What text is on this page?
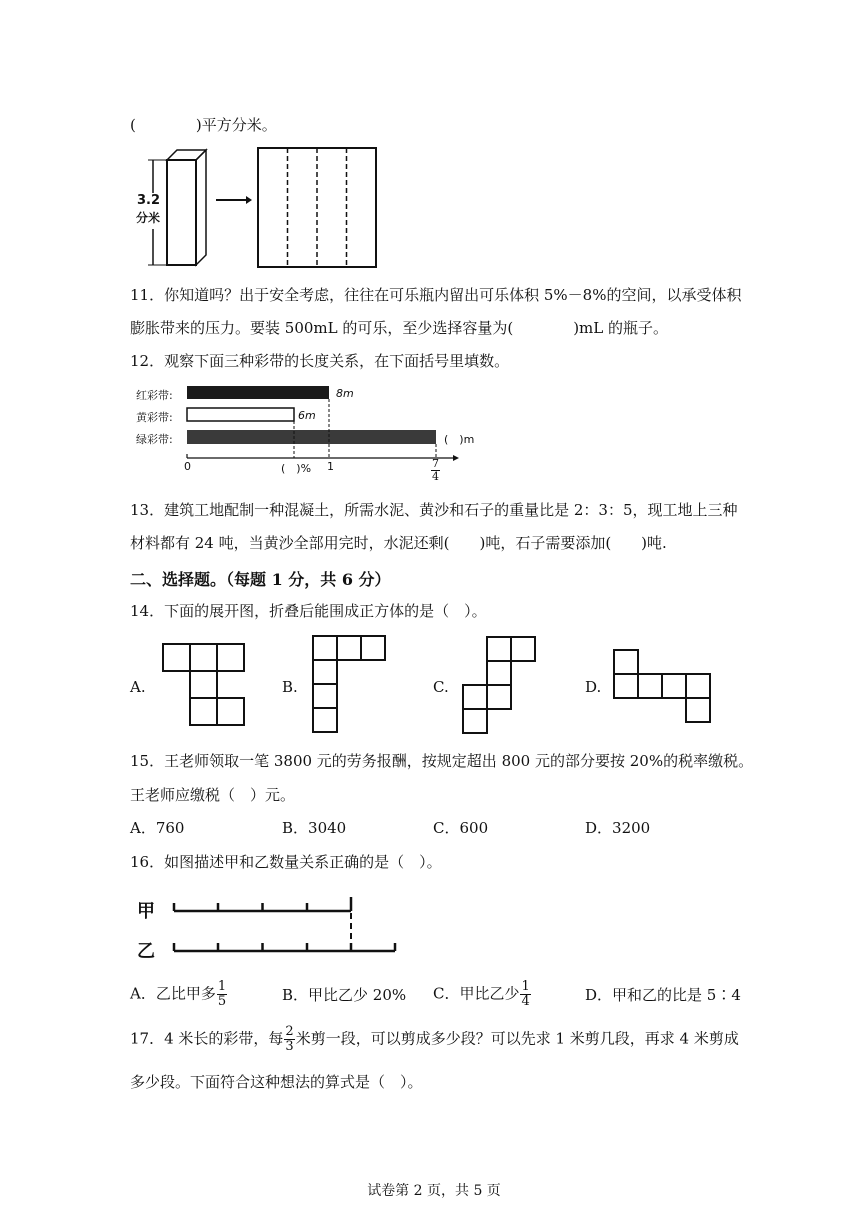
(　　　　)平方分米。
3.2
分米
11．你知道吗？出于安全考虑，往往在可乐瓶内留出可乐体积 5%－8%的空间，以承受体积
膨胀带来的压力。要装 500mL 的可乐，至少选择容量为(　　　　)mL 的瓶子。
12．观察下面三种彩带的长度关系，在下面括号里填数。
红彩带:
黄彩带:
绿彩带:
8m
6m
(　)m
0	(　)% 1	$\frac{7}{4}$
13．建筑工地配制一种混凝土，所需水泥、黄沙和石子的重量比是 2：3：5，现工地上三种
材料都有 24 吨，当黄沙全部用完时，水泥还剩(　　)吨，石子需要添加(　　)吨.
二、选择题。（每题 1 分，共 6 分）
14．下面的展开图，折叠后能围成正方体的是（　）。
A.	B.	C.	D.
15．王老师领取一笔 3800 元的劳务报酬，按规定超出 800 元的部分要按 20%的税率缴税。
王老师应缴税（　）元。
A．760	B．3040	C．600	D．3200
16．如图描述甲和乙数量关系正确的是（　）。
甲
乙
A．乙比甲多 $\frac{1}{5}$	B．甲比乙少 20% C．甲比乙少 $\frac{1}{4}$	D．甲和乙的比是 5∶4
17．4 米长的彩带，每 $\frac{2}{3}$ 米剪一段，可以剪成多少段？可以先求 1 米剪几段，再求 4 米剪成
多少段。下面符合这种想法的算式是（　）。
试卷第 2 页，共 5 页
